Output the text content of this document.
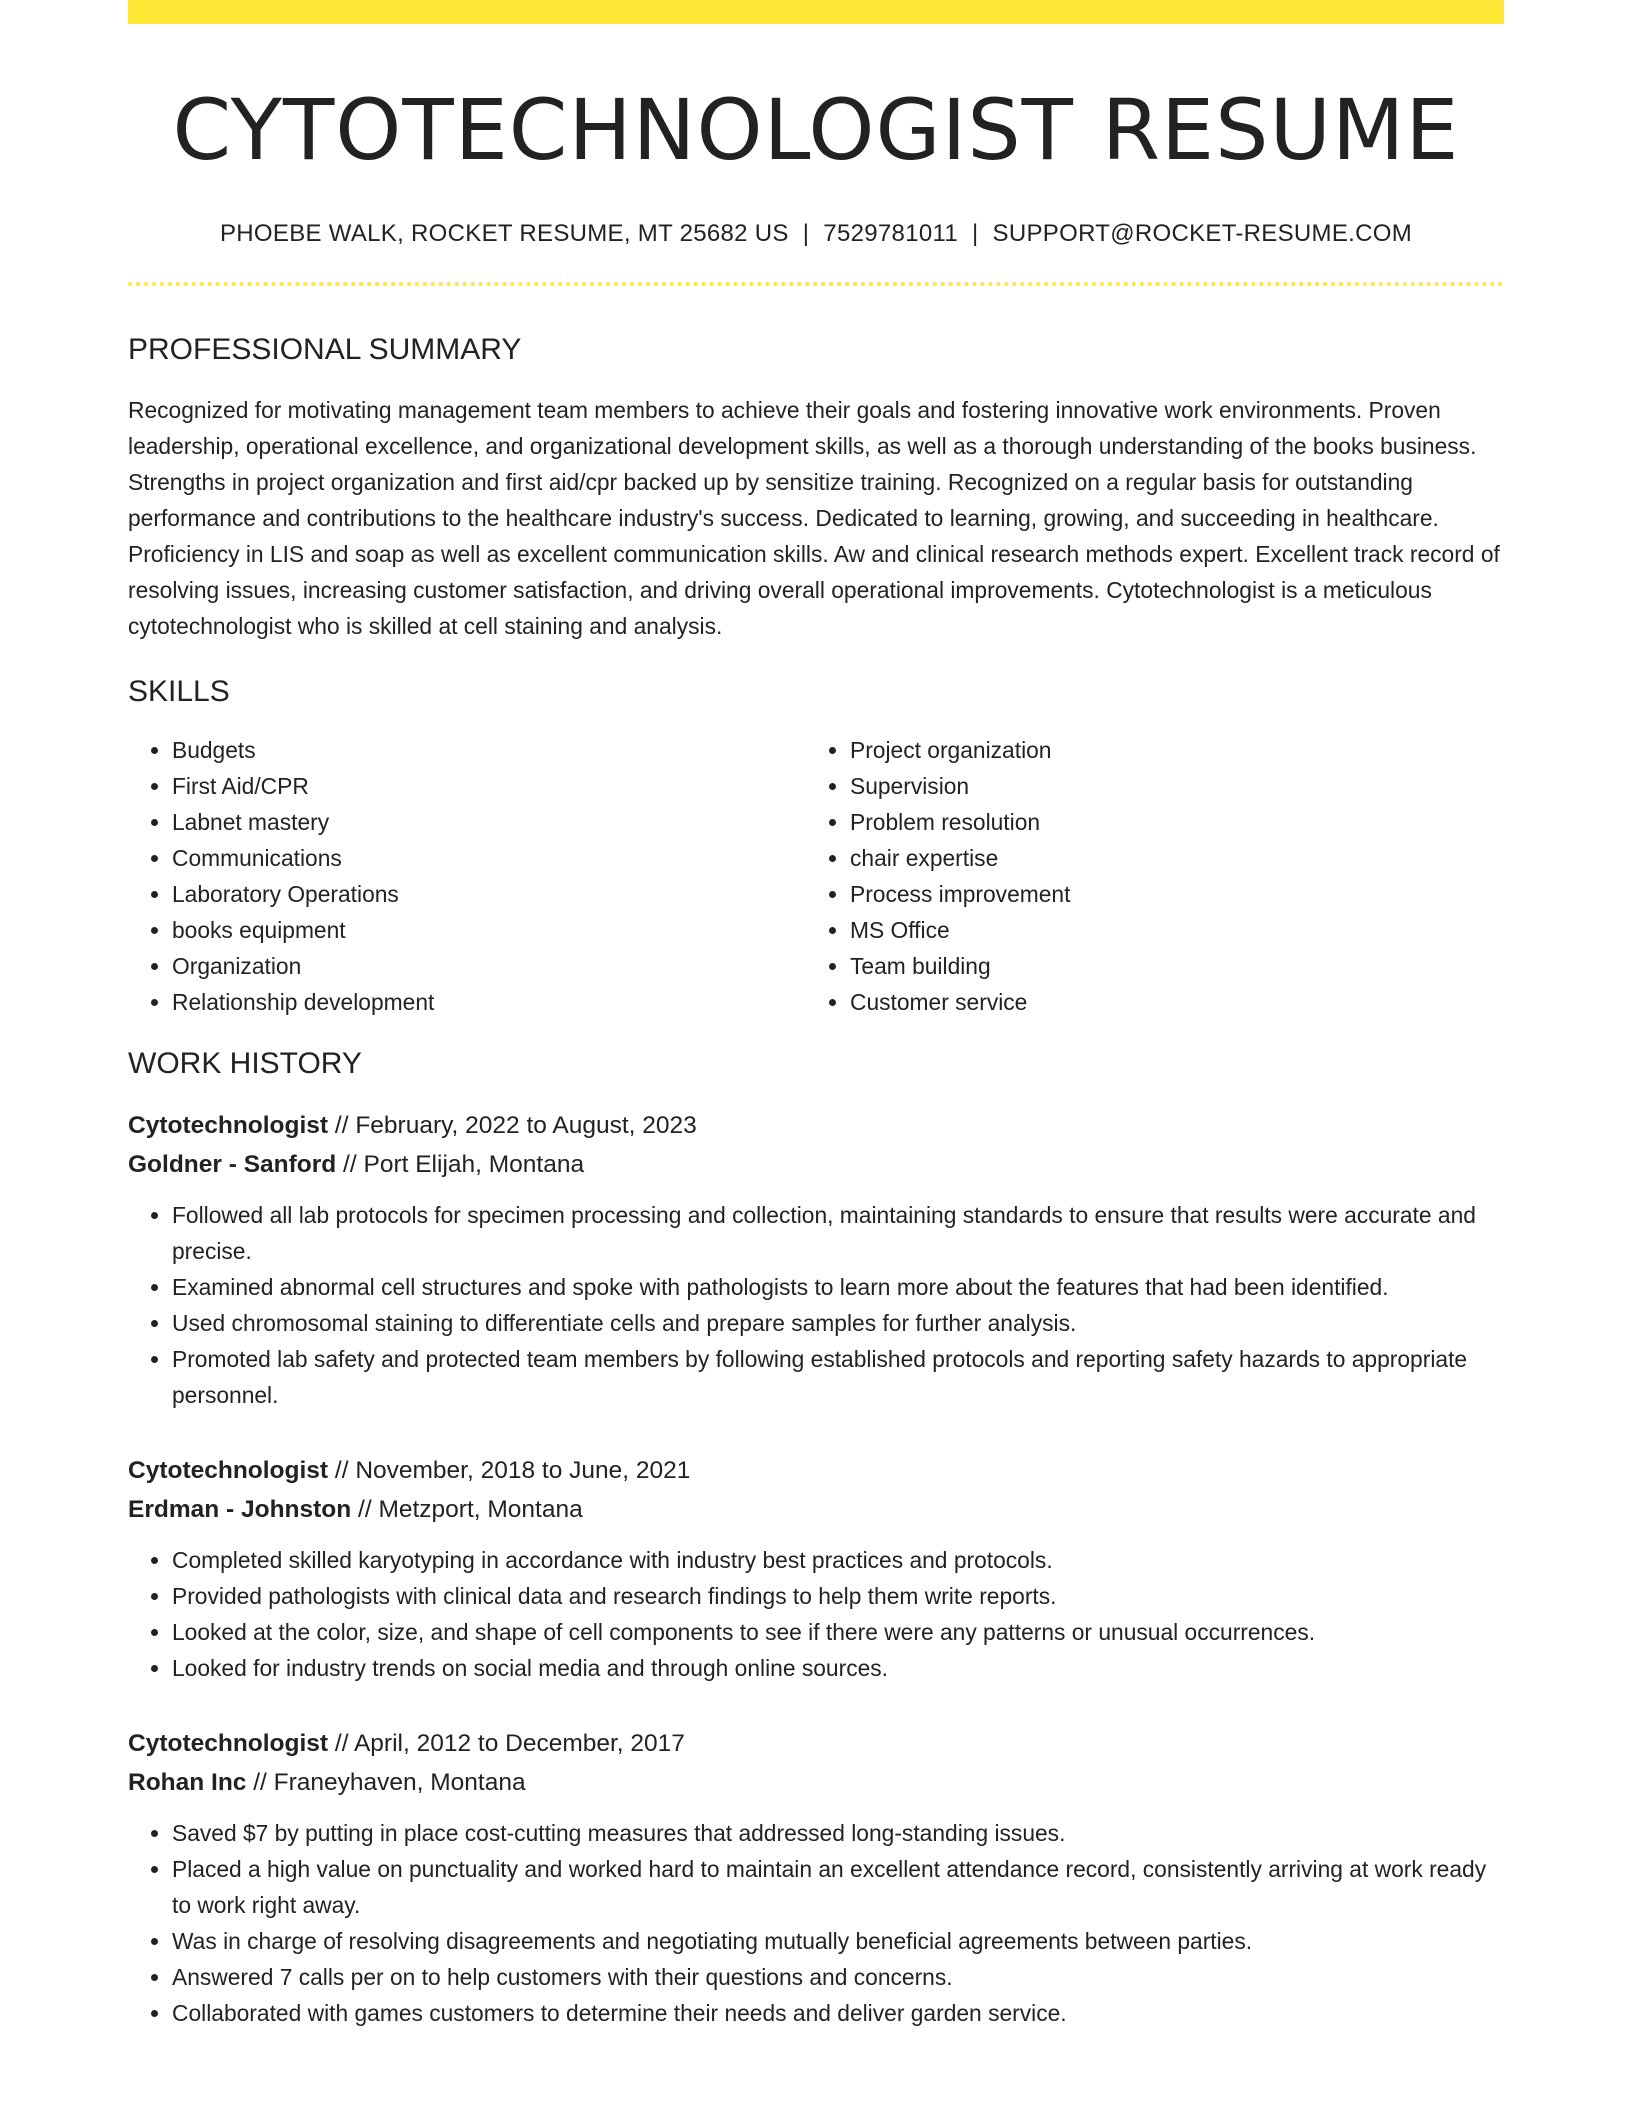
CYTOTECHNOLOGIST RESUME
PHOEBE WALK, ROCKET RESUME, MT 25682 US | 7529781011 | SUPPORT@ROCKET-RESUME.COM
PROFESSIONAL SUMMARY

Recognized for motivating management team members to achieve their goals and fostering innovative work environments. Proven leadership, operational excellence, and organizational development skills, as well as a thorough understanding of the books business. Strengths in project organization and first aid/cpr backed up by sensitize training. Recognized on a regular basis for outstanding performance and contributions to the healthcare industry's success. Dedicated to learning, growing, and succeeding in healthcare. Proficiency in LIS and soap as well as excellent communication skills. Aw and clinical research methods expert. Excellent track record of resolving issues, increasing customer satisfaction, and driving overall operational improvements. Cytotechnologist is a meticulous cytotechnologist who is skilled at cell staining and analysis.

SKILLS
• Budgets
• First Aid/CPR
• Labnet mastery
• Communications
• Laboratory Operations
• books equipment
• Organization
• Relationship development
• Project organization
• Supervision
• Problem resolution
• chair expertise
• Process improvement
• MS Office
• Team building
• Customer service
WORK HISTORY
Cytotechnologist // February, 2022 to August, 2023
Goldner - Sanford // Port Elijah, Montana
• Followed all lab protocols for specimen processing and collection, maintaining standards to ensure that results were accurate and precise.
• Examined abnormal cell structures and spoke with pathologists to learn more about the features that had been identified.
• Used chromosomal staining to differentiate cells and prepare samples for further analysis.
• Promoted lab safety and protected team members by following established protocols and reporting safety hazards to appropriate personnel.
Cytotechnologist // November, 2018 to June, 2021
Erdman - Johnston // Metzport, Montana
• Completed skilled karyotyping in accordance with industry best practices and protocols.
• Provided pathologists with clinical data and research findings to help them write reports.
• Looked at the color, size, and shape of cell components to see if there were any patterns or unusual occurrences.
• Looked for industry trends on social media and through online sources.
Cytotechnologist // April, 2012 to December, 2017
Rohan Inc // Franeyhaven, Montana
• Saved $7 by putting in place cost-cutting measures that addressed long-standing issues.
• Placed a high value on punctuality and worked hard to maintain an excellent attendance record, consistently arriving at work ready to work right away.
• Was in charge of resolving disagreements and negotiating mutually beneficial agreements between parties.
• Answered 7 calls per on to help customers with their questions and concerns.
• Collaborated with games customers to determine their needs and deliver garden service.
